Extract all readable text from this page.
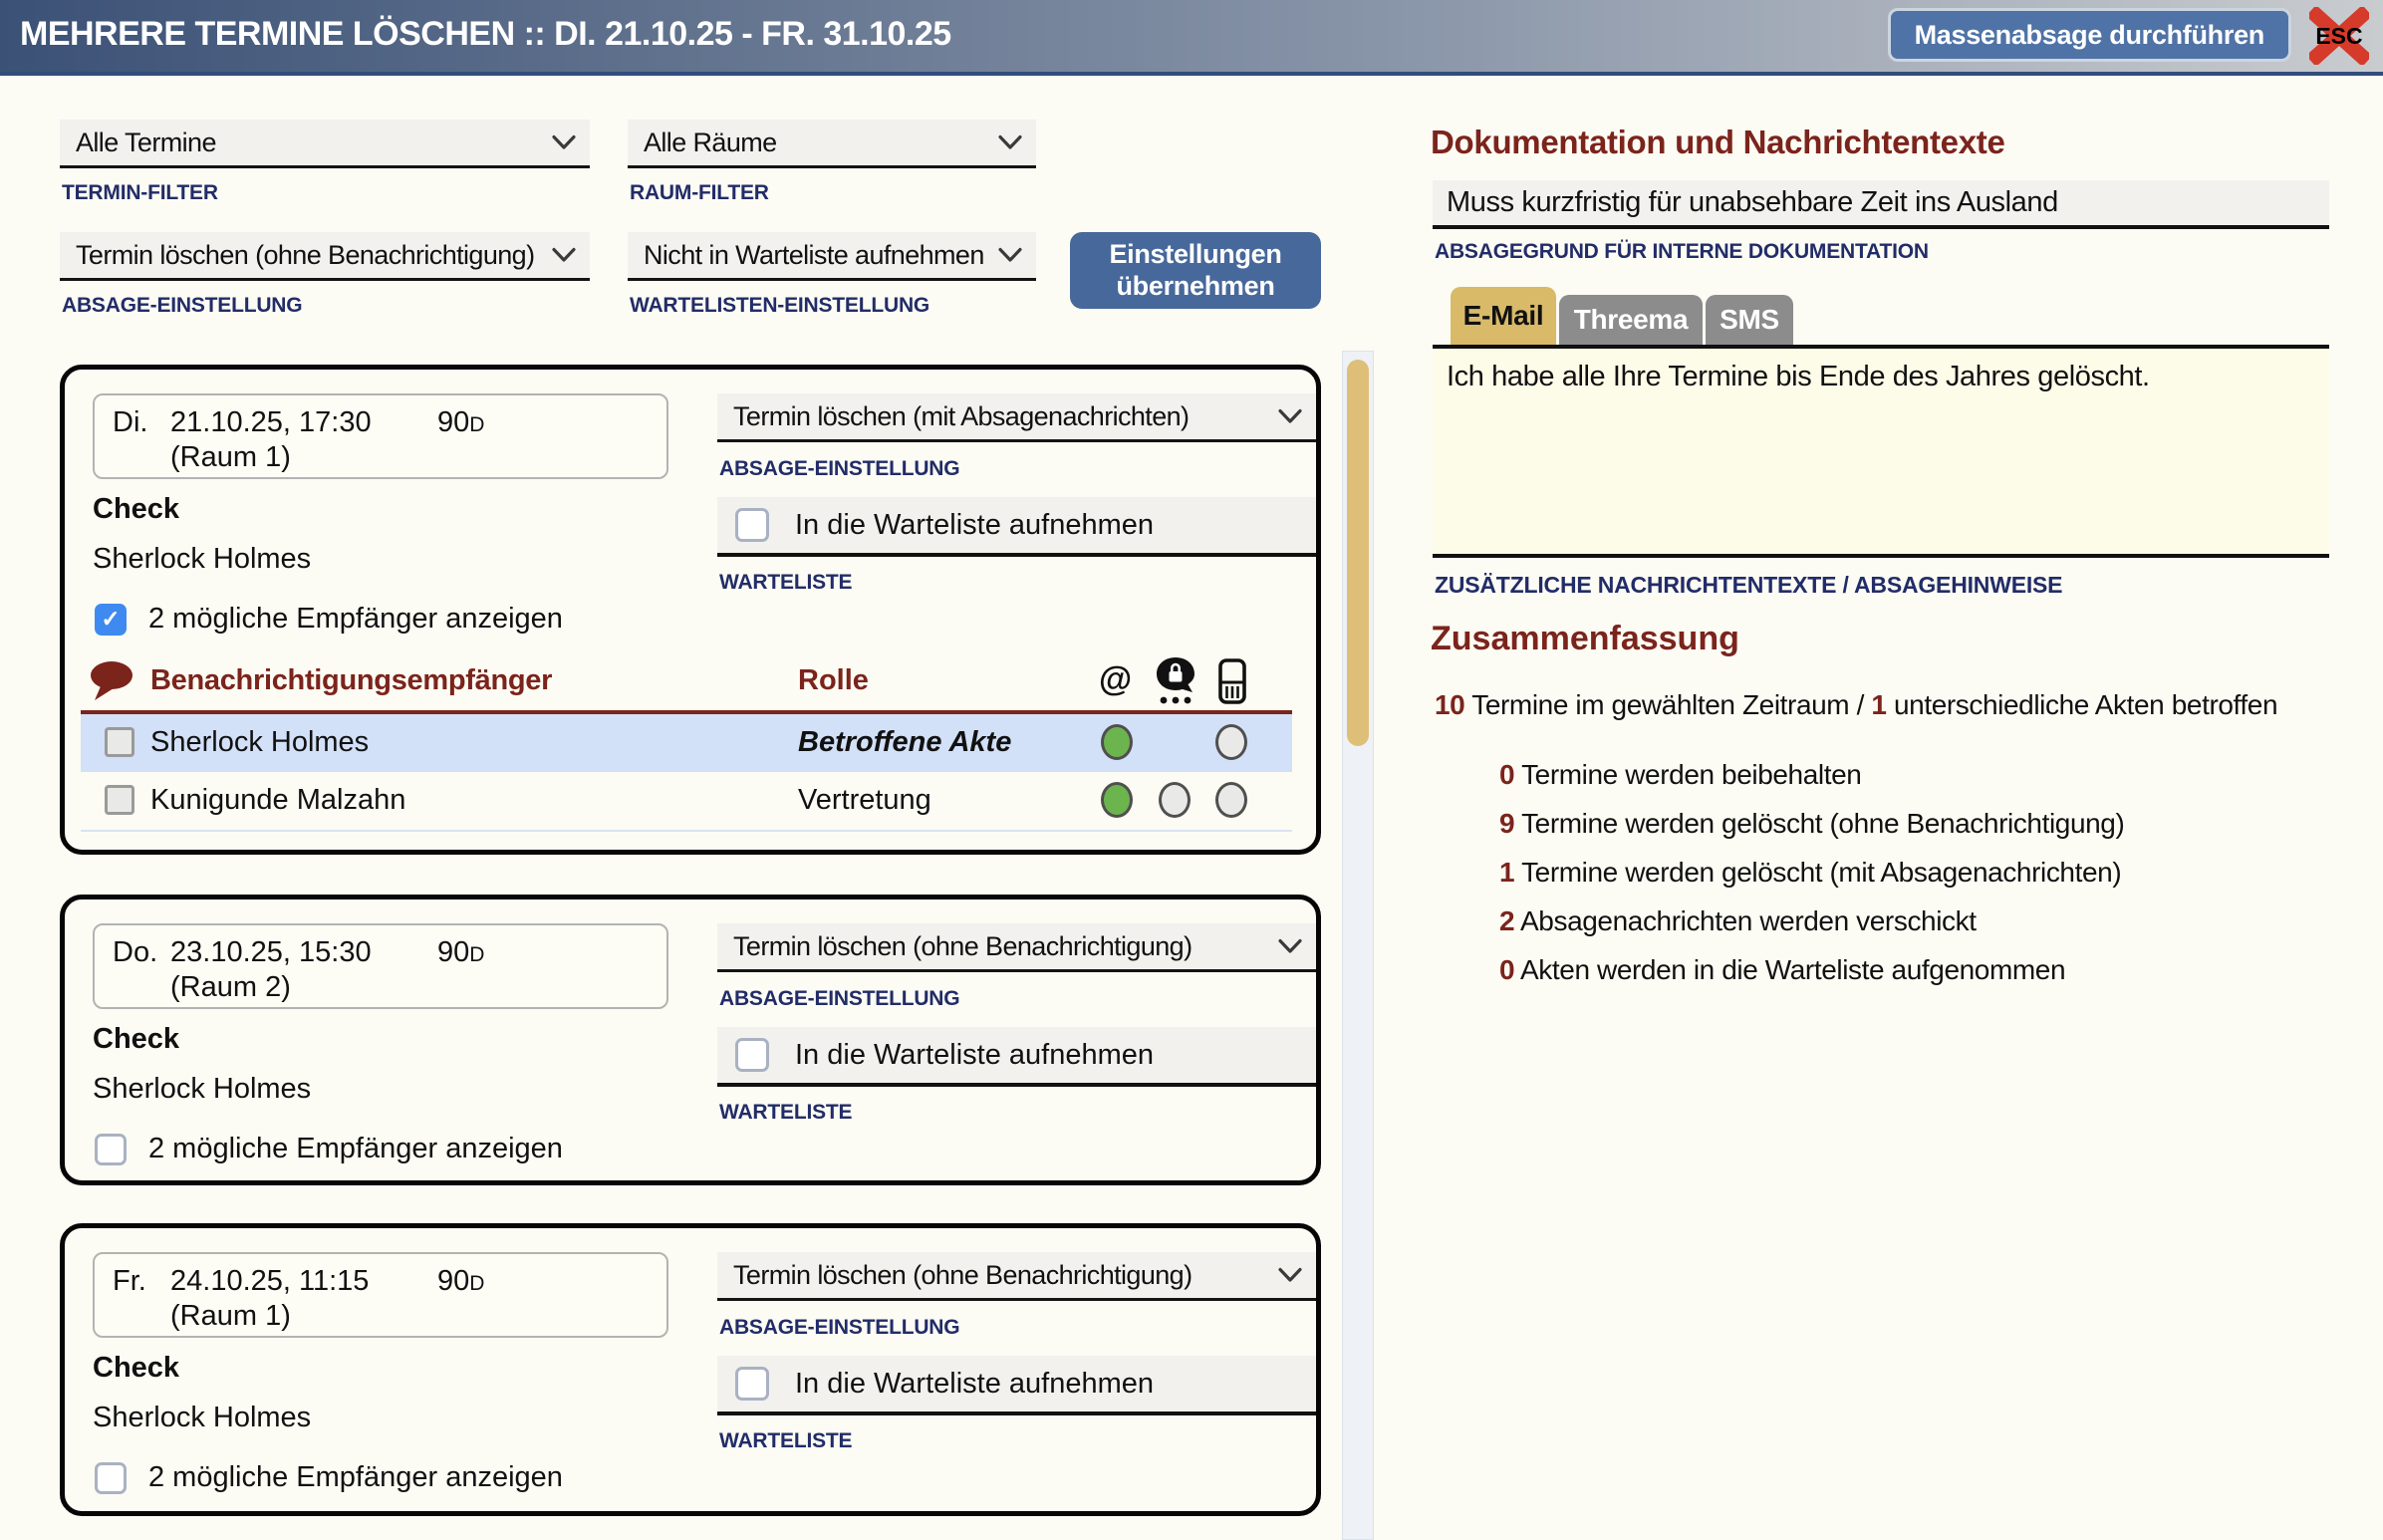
MEHRERE TERMINE LÖSCHEN :: DI. 21.10.25 - FR. 31.10.25	Massenabsage durchführen	ESC
Alle Termine
TERMIN-FILTER
Alle Räume
RAUM-FILTER
Termin löschen (ohne Benachrichtigung)
ABSAGE-EINSTELLUNG
Nicht in Warteliste aufnehmen
WARTELISTEN-EINSTELLUNG
Einstellungen übernehmen
Di. 21.10.25, 17:30 90D
(Raum 1)
Check
Sherlock Holmes
✓
2 mögliche Empfänger anzeigen
Termin löschen (mit Absagenachrichten)
ABSAGE-EINSTELLUNG
In die Warteliste aufnehmen
WARTELISTE
Benachrichtigungsempfänger	Rolle	@
Sherlock Holmes	Betroffene Akte
Kunigunde Malzahn	Vertretung
Do. 23.10.25, 15:30 90D
(Raum 2)
Check
Sherlock Holmes
2 mögliche Empfänger anzeigen
Termin löschen (ohne Benachrichtigung)
ABSAGE-EINSTELLUNG
In die Warteliste aufnehmen
WARTELISTE
Fr. 24.10.25, 11:15 90D
(Raum 1)
Check
Sherlock Holmes
2 mögliche Empfänger anzeigen
Termin löschen (ohne Benachrichtigung)
ABSAGE-EINSTELLUNG
In die Warteliste aufnehmen
WARTELISTE
Dokumentation und Nachrichtentexte
Muss kurzfristig für unabsehbare Zeit ins Ausland
ABSAGEGRUND FÜR INTERNE DOKUMENTATION
E-Mail	Threema	SMS
Ich habe alle Ihre Termine bis Ende des Jahres gelöscht.
ZUSÄTZLICHE NACHRICHTENTEXTE / ABSAGEHINWEISE
Zusammenfassung
10 Termine im gewählten Zeitraum / 1 unterschiedliche Akten betroffen
0 Termine werden beibehalten
9 Termine werden gelöscht (ohne Benachrichtigung)
1 Termine werden gelöscht (mit Absagenachrichten)
2 Absagenachrichten werden verschickt
0 Akten werden in die Warteliste aufgenommen
